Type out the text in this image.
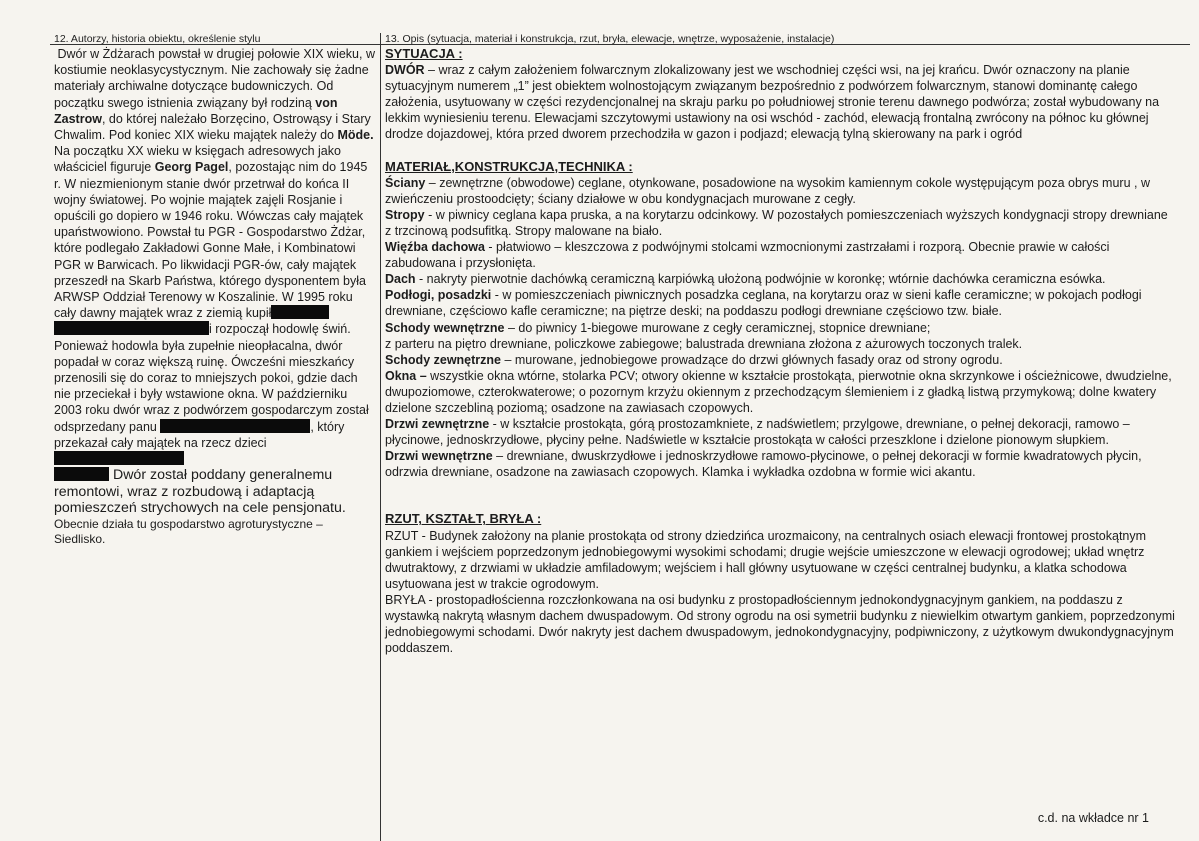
12. Autorzy, historia obiektu, określenie stylu	13. Opis (sytuacja, materiał i konstrukcja, rzut, bryła, elewacje, wnętrze, wyposażenie, instalacje)

Dwór w Żdżarach powstał w drugiej połowie XIX wieku, w kostiumie neoklasycystycznym. Nie zachowały się żadne materiały archiwalne dotyczące budowniczych. Od początku swego istnienia związany był rodziną von Zastrow, do której należało Borzęcino, Ostrowąsy i Stary Chwalim. Pod koniec XIX wieku majątek należy do Möde. Na początku XX wieku w księgach adresowych jako właściciel figuruje Georg Pagel, pozostając nim do 1945 r. W niezmienionym stanie dwór przetrwał do końca II wojny światowej. Po wojnie majątek zajęli Rosjanie i opuścili go dopiero w 1946 roku. Wówczas cały majątek upaństwowiono. Powstał tu PGR - Gospodarstwo Żdżar, które podlegało Zakładowi Gonne Małe, i Kombinatowi PGR w Barwicach. Po likwidacji PGR-ów, cały majątek przeszedł na Skarb Państwa, którego dysponentem była ARWSP Oddział Terenowy w Koszalinie. W 1995 roku cały dawny majątek wraz z ziemią kupiłi rozpoczął hodowlę świń. Ponieważ hodowla była zupełnie nieopłacalna, dwór popadał w coraz większą ruinę. Ówcześni mieszkańcy przenosili się do coraz to mniejszych pokoi, gdzie dach nie przeciekał i były wstawione okna. W październiku 2003 roku dwór wraz z podwórzem gospodarczym został odsprzedany panu	, który przekazał cały majątek na rzecz dzieci

Dwór został poddany generalnemu remontowi, wraz z rozbudową i adaptacją pomieszczeń strychowych na cele pensjonatu.

Obecnie działa tu gospodarstwo agroturystyczne – Siedlisko.

SYTUACJA :

DWÓR – wraz z całym założeniem folwarcznym zlokalizowany jest we wschodniej części wsi, na jej krańcu. Dwór oznaczony na planie sytuacyjnym numerem „1” jest obiektem wolnostojącym związanym bezpośrednio z podwórzem folwarcznym, stanowi dominantę całego założenia, usytuowany w części rezydencjonalnej na skraju parku po południowej stronie terenu dawnego podwórza; został wybudowany na lekkim wyniesieniu terenu. Elewacjami szczytowymi ustawiony na osi wschód - zachód, elewacją frontalną zwrócony na północ ku głównej drodze dojazdowej, która przed dworem przechodziła w gazon i podjazd; elewacją tylną skierowany na park i ogród

MATERIAŁ,KONSTRUKCJA,TECHNIKA :

Ściany – zewnętrzne (obwodowe) ceglane, otynkowane, posadowione na wysokim kamiennym cokole występującym poza obrys muru , w zwieńczeniu prostoodcięty; ściany działowe w obu kondygnacjach murowane z cegły.

Stropy - w piwnicy ceglana kapa pruska, a na korytarzu odcinkowy. W pozostałych pomieszczeniach wyższych kondygnacji stropy drewniane z trzcinową podsufitką. Stropy malowane na biało.

Więźba dachowa - płatwiowo – kleszczowa z podwójnymi stolcami wzmocnionymi zastrzałami i rozporą. Obecnie prawie w całości zabudowana i przysłonięta.

Dach - nakryty pierwotnie dachówką ceramiczną karpiówką ułożoną podwójnie w koronkę; wtórnie dachówka ceramiczna esówka.

Podłogi, posadzki - w pomieszczeniach piwnicznych posadzka ceglana, na korytarzu oraz w sieni kafle ceramiczne; w pokojach podłogi drewniane, częściowo kafle ceramiczne; na piętrze deski; na poddaszu podłogi drewniane częściowo tzw. białe.

Schody wewnętrzne – do piwnicy 1-biegowe murowane z cegły ceramicznej, stopnice drewniane;

z parteru na piętro drewniane, policzkowe zabiegowe; balustrada drewniana złożona z ażurowych toczonych tralek.

Schody zewnętrzne – murowane, jednobiegowe prowadzące do drzwi głównych fasady oraz od strony ogrodu.

Okna – wszystkie okna wtórne, stolarka PCV; otwory okienne w kształcie prostokąta, pierwotnie okna skrzynkowe i ościeżnicowe, dwudzielne, dwupoziomowe, czterokwaterowe; o pozornym krzyżu okiennym z przechodzącym ślemieniem i z gładką listwą przymykową; dolne kwatery dzielone szczebliną poziomą; osadzone na zawiasach czopowych.

Drzwi zewnętrzne - w kształcie prostokąta, górą prostozamkniete, z nadświetlem; przylgowe, drewniane, o pełnej dekoracji, ramowo – płycinowe, jednoskrzydłowe, płyciny pełne. Nadświetle w kształcie prostokąta w całości przeszklone i dzielone pionowym słupkiem.

Drzwi wewnętrzne – drewniane, dwuskrzydłowe i jednoskrzydłowe ramowo-płycinowe, o pełnej dekoracji w formie kwadratowych płycin, odrzwia drewniane, osadzone na zawiasach czopowych. Klamka i wykładka ozdobna w formie wici akantu.

RZUT, KSZTAŁT, BRYŁA :

RZUT - Budynek założony na planie prostokąta od strony dziedzińca urozmaicony, na centralnych osiach elewacji frontowej prostokątnym gankiem i wejściem poprzedzonym jednobiegowymi wysokimi schodami; drugie wejście umieszczone w elewacji ogrodowej; układ wnętrz dwutraktowy, z drzwiami w układzie amfiladowym; wejściem i hall główny usytuowane w części centralnej budynku, a klatka schodowa usytuowana jest w trakcie ogrodowym.

BRYŁA - prostopadłościenna rozczłonkowana na osi budynku z prostopadłościennym jednokondygnacyjnym gankiem, na poddaszu z wystawką nakrytą własnym dachem dwuspadowym. Od strony ogrodu na osi symetrii budynku z niewielkim otwartym gankiem, poprzedzonymi jednobiegowymi schodami. Dwór nakryty jest dachem dwuspadowym, jednokondygnacyjny, podpiwniczony, z użytkowym dwukondygnacyjnym poddaszem.

c.d. na wkładce nr 1
